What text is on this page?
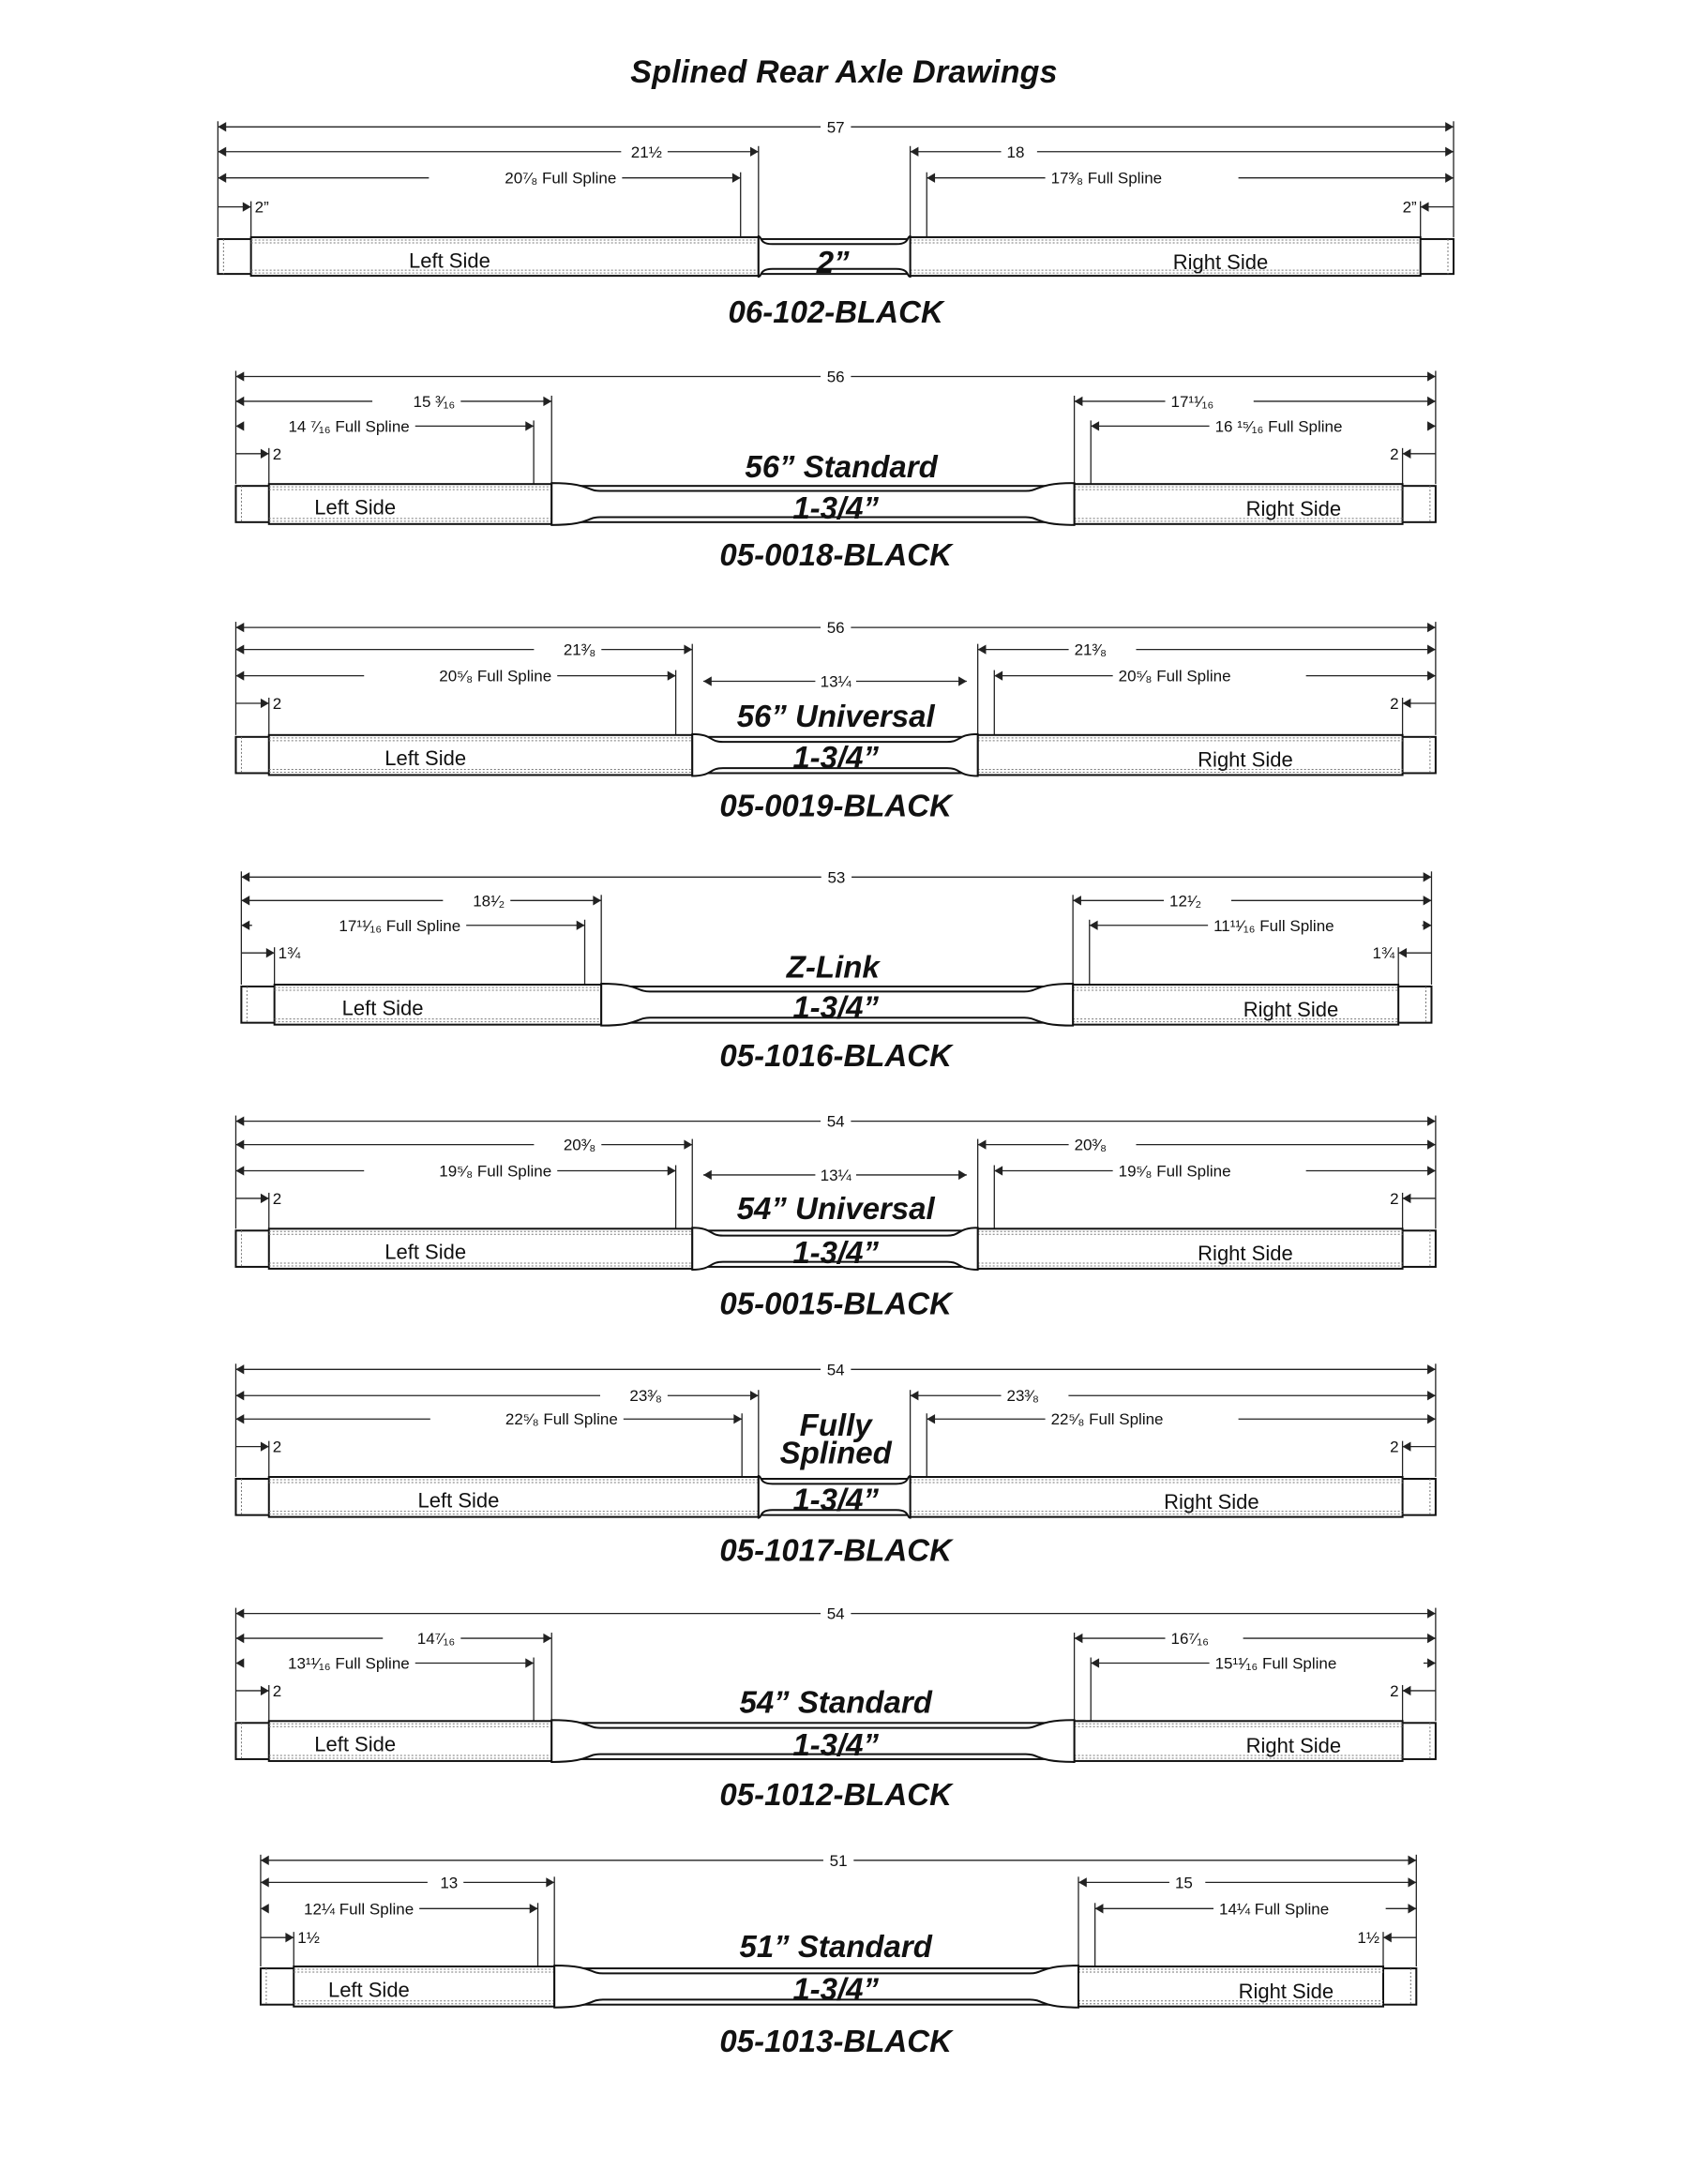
Splined Rear Axle Drawings
57
21½	18
20⁷⁄₈ Full Spline	17³⁄₈ Full Spline
2”	2”
Left Side	Right Side
2”
06-102-BLACK
56
15 ³⁄₁₆	17¹¹⁄₁₆
14 ⁷⁄₁₆ Full Spline	16 ¹⁵⁄₁₆ Full Spline
2	2
Left Side	Right Side
56” Standard
1-3/4”
05-0018-BLACK
56
21³⁄₈	21³⁄₈
20⁵⁄₈ Full Spline	20⁵⁄₈ Full Spline
2	2
13¼
Left Side	Right Side
56” Universal
1-3/4”
05-0019-BLACK
53
18¹⁄₂	12¹⁄₂
17¹¹⁄₁₆ Full Spline	11¹¹⁄₁₆ Full Spline
1¾	1¾
Left Side	Right Side
Z-Link
1-3/4”
05-1016-BLACK
54
20³⁄₈	20³⁄₈
19⁵⁄₈ Full Spline	19⁵⁄₈ Full Spline
2	2
13¼
Left Side	Right Side
54” Universal
1-3/4”
05-0015-BLACK
54
23³⁄₈	23³⁄₈
22⁵⁄₈ Full Spline	22⁵⁄₈ Full Spline
2	2
Left Side	Right Side
Fully
Splined
1-3/4”
05-1017-BLACK
54
14⁷⁄₁₆	16⁷⁄₁₆
13¹¹⁄₁₆ Full Spline	15¹¹⁄₁₆ Full Spline
2	2
Left Side	Right Side
54” Standard
1-3/4”
05-1012-BLACK
51
13	15
12¼ Full Spline	14¼ Full Spline
1½	1½
Left Side	Right Side
51” Standard
1-3/4”
05-1013-BLACK
